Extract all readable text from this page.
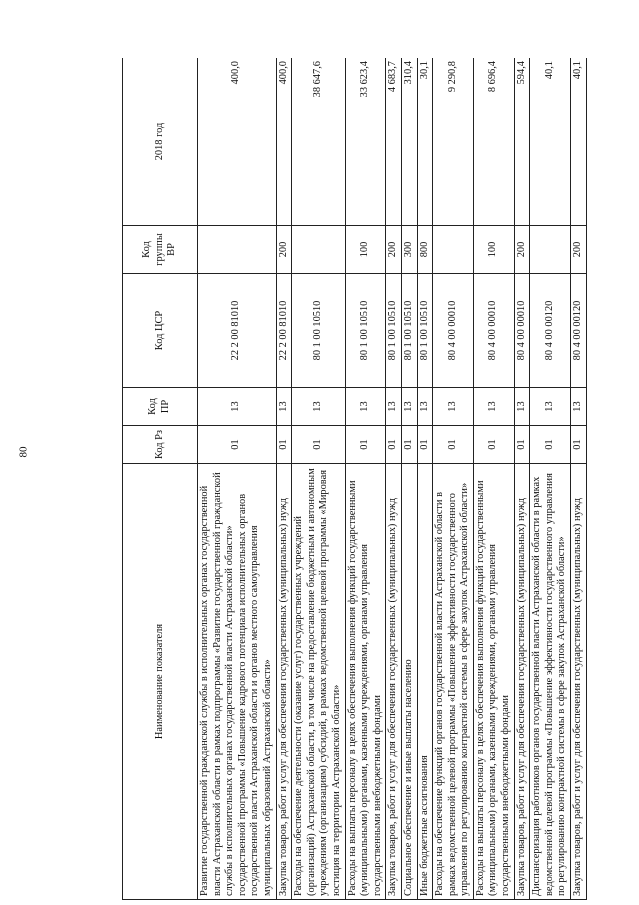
80
Наименование показателя	Код Рз	Код ПР	Код ЦСР	Код группы ВР	2018 год
Развитие государственной гражданской службы в исполнительных органах государственной власти Астраханской области в рамках подпрограммы «Развитие государственной гражданской службы в исполнительных органах государственной власти Астраханской области» государственной программы «Повышение кадрового потенциала исполнительных органов государственной власти Астраханской области и органов местного самоуправления муниципальных образований Астраханской области»	01	13	22 2 00 81010		400,0
Закупка товаров, работ и услуг для обеспечения государственных (муниципальных) нужд	01	13	22 2 00 81010	200	400,0
Расходы на обеспечение деятельности (оказание услуг) государственных учреждений (организаций) Астраханской области, в том числе на предоставление бюджетным и автономным учреждениям (организациям) субсидий, в рамках ведомственной целевой программы «Мировая юстиция на территории Астраханской области»	01	13	80 1 00 10510		38 647,6
Расходы на выплаты персоналу в целях обеспечения выполнения функций государственными (муниципальными) органами, казенными учреждениями, органами управления государственными внебюджетными фондами	01	13	80 1 00 10510	100	33 623,4
Закупка товаров, работ и услуг для обеспечения государственных (муниципальных) нужд	01	13	80 1 00 10510	200	4 683,7
Социальное обеспечение и иные выплаты населению	01	13	80 1 00 10510	300	310,4
Иные бюджетные ассигнования	01	13	80 1 00 10510	800	30,1
Расходы на обеспечение функций органов государственной власти Астраханской области в рамках ведомственной целевой программы «Повышение эффективности государственного управления по регулированию контрактной системы в сфере закупок Астраханской области»	01	13	80 4 00 00010		9 290,8
Расходы на выплаты персоналу в целях обеспечения выполнения функций государственными (муниципальными) органами, казенными учреждениями, органами управления государственными внебюджетными фондами	01	13	80 4 00 00010	100	8 696,4
Закупка товаров, работ и услуг для обеспечения государственных (муниципальных) нужд	01	13	80 4 00 00010	200	594,4
Диспансеризация работников органов государственной власти Астраханской области в рамках ведомственной целевой программы «Повышение эффективности государственного управления по регулированию контрактной системы в сфере закупок Астраханской области»	01	13	80 4 00 00120		40,1
Закупка товаров, работ и услуг для обеспечения государственных (муниципальных) нужд	01	13	80 4 00 00120	200	40,1
